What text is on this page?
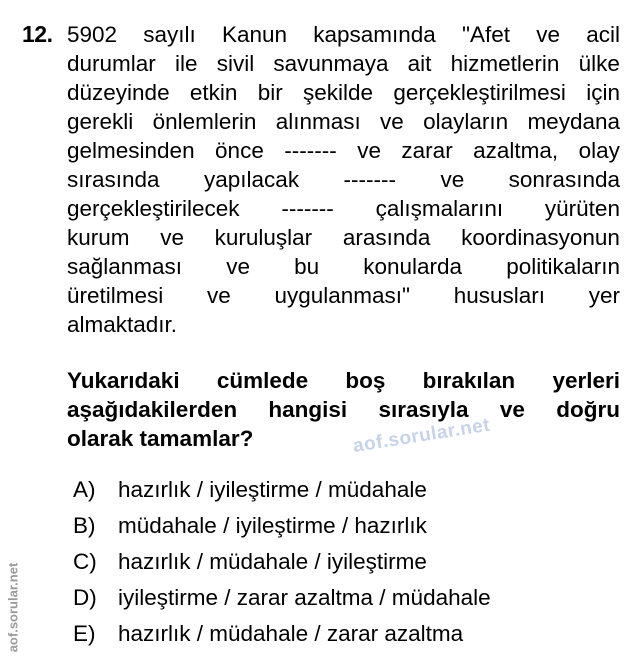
12. 5902 sayılı Kanun kapsamında "Afet ve acil
durumlar ile sivil savunmaya ait hizmetlerin ülke
düzeyinde etkin bir şekilde gerçekleştirilmesi için
gerekli önlemlerin alınması ve olayların meydana
gelmesinden önce ------- ve zarar azaltma, olay
sırasında yapılacak ------- ve sonrasında
gerçekleştirilecek ------- çalışmalarını yürüten
kurum ve kuruluşlar arasında koordinasyonun
sağlanması ve bu konularda politikaların
üretilmesi ve uygulanması" hususları yer
almaktadır.
Yukarıdaki cümlede boş bırakılan yerleri
aşağıdakilerden hangisi sırasıyla ve doğru
olarak tamamlar?
A)	hazırlık / iyileştirme / müdahale
B)	müdahale / iyileştirme / hazırlık
C) hazırlık / müdahale / iyileştirme
D) iyileştirme / zarar azaltma / müdahale
E)	hazırlık / müdahale / zarar azaltma
aof.sorular.net
aof.sorular.net
